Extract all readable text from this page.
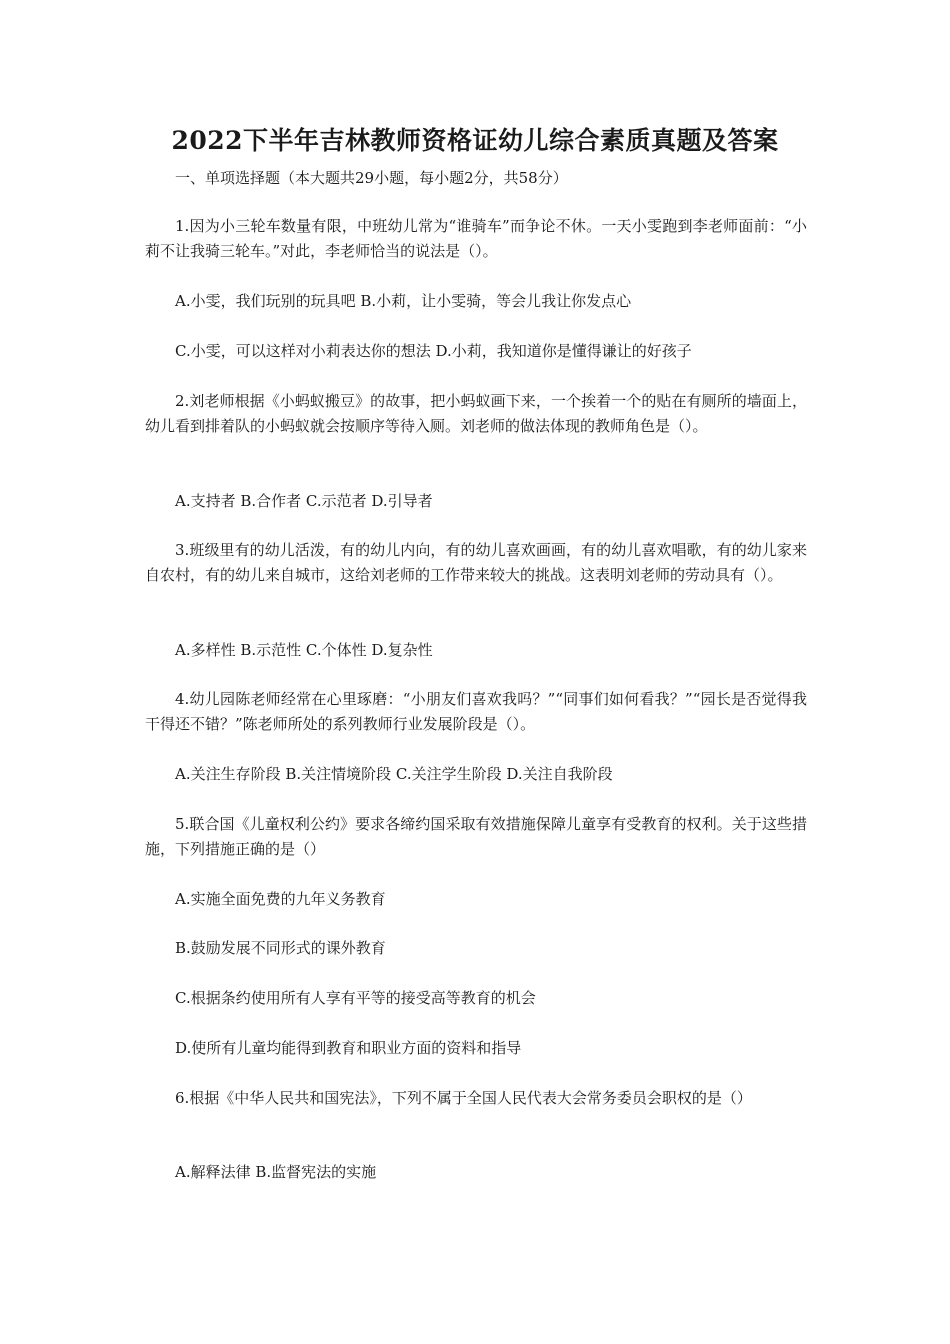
2022下半年吉林教师资格证幼儿综合素质真题及答案
一、单项选择题（本大题共29小题，每小题2分，共58分）

1.因为小三轮车数量有限，中班幼儿常为“谁骑车”而争论不休。一天小雯跑到李老师面前：“小莉不让我骑三轮车。”对此，李老师恰当的说法是（）。

A.小雯，我们玩别的玩具吧 B.小莉，让小雯骑，等会儿我让你发点心

C.小雯，可以这样对小莉表达你的想法 D.小莉，我知道你是懂得谦让的好孩子

2.刘老师根据《小蚂蚁搬豆》的故事，把小蚂蚁画下来，一个挨着一个的贴在有厕所的墙面上，幼儿看到排着队的小蚂蚁就会按顺序等待入厕。刘老师的做法体现的教师角色是（）。

A.支持者 B.合作者 C.示范者 D.引导者

3.班级里有的幼儿活泼，有的幼儿内向，有的幼儿喜欢画画，有的幼儿喜欢唱歌，有的幼儿家来自农村，有的幼儿来自城市，这给刘老师的工作带来较大的挑战。这表明刘老师的劳动具有（）。

A.多样性 B.示范性 C.个体性 D.复杂性

4.幼儿园陈老师经常在心里琢磨：“小朋友们喜欢我吗？”“同事们如何看我？”“园长是否觉得我干得还不错？”陈老师所处的系列教师行业发展阶段是（）。

A.关注生存阶段 B.关注情境阶段 C.关注学生阶段 D.关注自我阶段

5.联合国《儿童权利公约》要求各缔约国采取有效措施保障儿童享有受教育的权利。关于这些措施，下列措施正确的是（）

A.实施全面免费的九年义务教育

B.鼓励发展不同形式的课外教育

C.根据条约使用所有人享有平等的接受高等教育的机会

D.使所有儿童均能得到教育和职业方面的资料和指导

6.根据《中华人民共和国宪法》，下列不属于全国人民代表大会常务委员会职权的是（）

A.解释法律 B.监督宪法的实施
